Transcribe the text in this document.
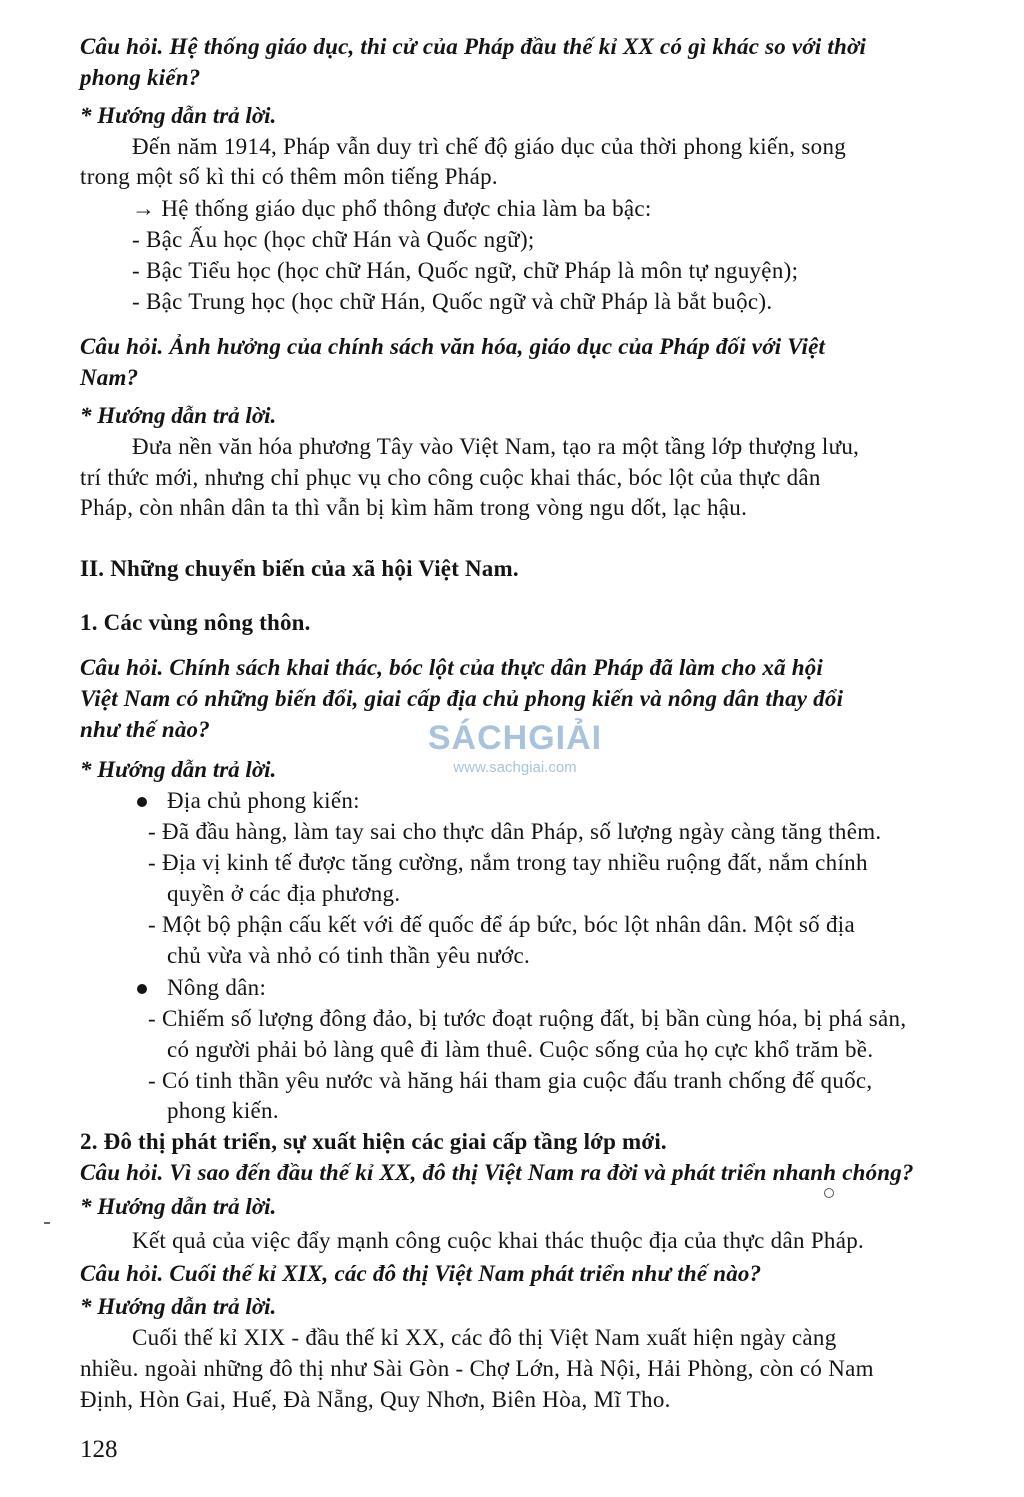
Câu hỏi. Hệ thống giáo dục, thi cử của Pháp đầu thế kỉ XX có gì khác so với thời
phong kiến?
* Hướng dẫn trả lời.
Đến năm 1914, Pháp vẫn duy trì chế độ giáo dục của thời phong kiến, song
trong một số kì thi có thêm môn tiếng Pháp.
→ Hệ thống giáo dục phổ thông được chia làm ba bậc:
- Bậc Ấu học (học chữ Hán và Quốc ngữ);
- Bậc Tiểu học (học chữ Hán, Quốc ngữ, chữ Pháp là môn tự nguyện);
- Bậc Trung học (học chữ Hán, Quốc ngữ và chữ Pháp là bắt buộc).
Câu hỏi. Ảnh hưởng của chính sách văn hóa, giáo dục của Pháp đối với Việt
Nam?
* Hướng dẫn trả lời.
Đưa nền văn hóa phương Tây vào Việt Nam, tạo ra một tầng lớp thượng lưu,
trí thức mới, nhưng chỉ phục vụ cho công cuộc khai thác, bóc lột của thực dân
Pháp, còn nhân dân ta thì vẫn bị kìm hãm trong vòng ngu dốt, lạc hậu.
II. Những chuyển biến của xã hội Việt Nam.
1. Các vùng nông thôn.
Câu hỏi. Chính sách khai thác, bóc lột của thực dân Pháp đã làm cho xã hội
Việt Nam có những biến đổi, giai cấp địa chủ phong kiến và nông dân thay đổi
như thế nào?
* Hướng dẫn trả lời.
Địa chủ phong kiến:
- Đã đầu hàng, làm tay sai cho thực dân Pháp, số lượng ngày càng tăng thêm.
- Địa vị kinh tế được tăng cường, nắm trong tay nhiều ruộng đất, nắm chính
quyền ở các địa phương.
- Một bộ phận cấu kết với đế quốc để áp bức, bóc lột nhân dân. Một số địa
chủ vừa và nhỏ có tinh thần yêu nước.
Nông dân:
- Chiếm số lượng đông đảo, bị tước đoạt ruộng đất, bị bần cùng hóa, bị phá sản,
có người phải bỏ làng quê đi làm thuê. Cuộc sống của họ cực khổ trăm bề.
- Có tinh thần yêu nước và hăng hái tham gia cuộc đấu tranh chống đế quốc,
phong kiến.
2. Đô thị phát triển, sự xuất hiện các giai cấp tầng lớp mới.
Câu hỏi. Vì sao đến đầu thế kỉ XX, đô thị Việt Nam ra đời và phát triển nhanh chóng?
* Hướng dẫn trả lời.
Kết quả của việc đẩy mạnh công cuộc khai thác thuộc địa của thực dân Pháp.
Câu hỏi. Cuối thế kỉ XIX, các đô thị Việt Nam phát triển như thế nào?
* Hướng dẫn trả lời.
Cuối thế kỉ XIX - đầu thế kỉ XX, các đô thị Việt Nam xuất hiện ngày càng
nhiều. ngoài những đô thị như Sài Gòn - Chợ Lớn, Hà Nội, Hải Phòng, còn có Nam
Định, Hòn Gai, Huế, Đà Nẵng, Quy Nhơn, Biên Hòa, Mĩ Tho.
SÁCHGIẢI
www.sachgiai.com
128
